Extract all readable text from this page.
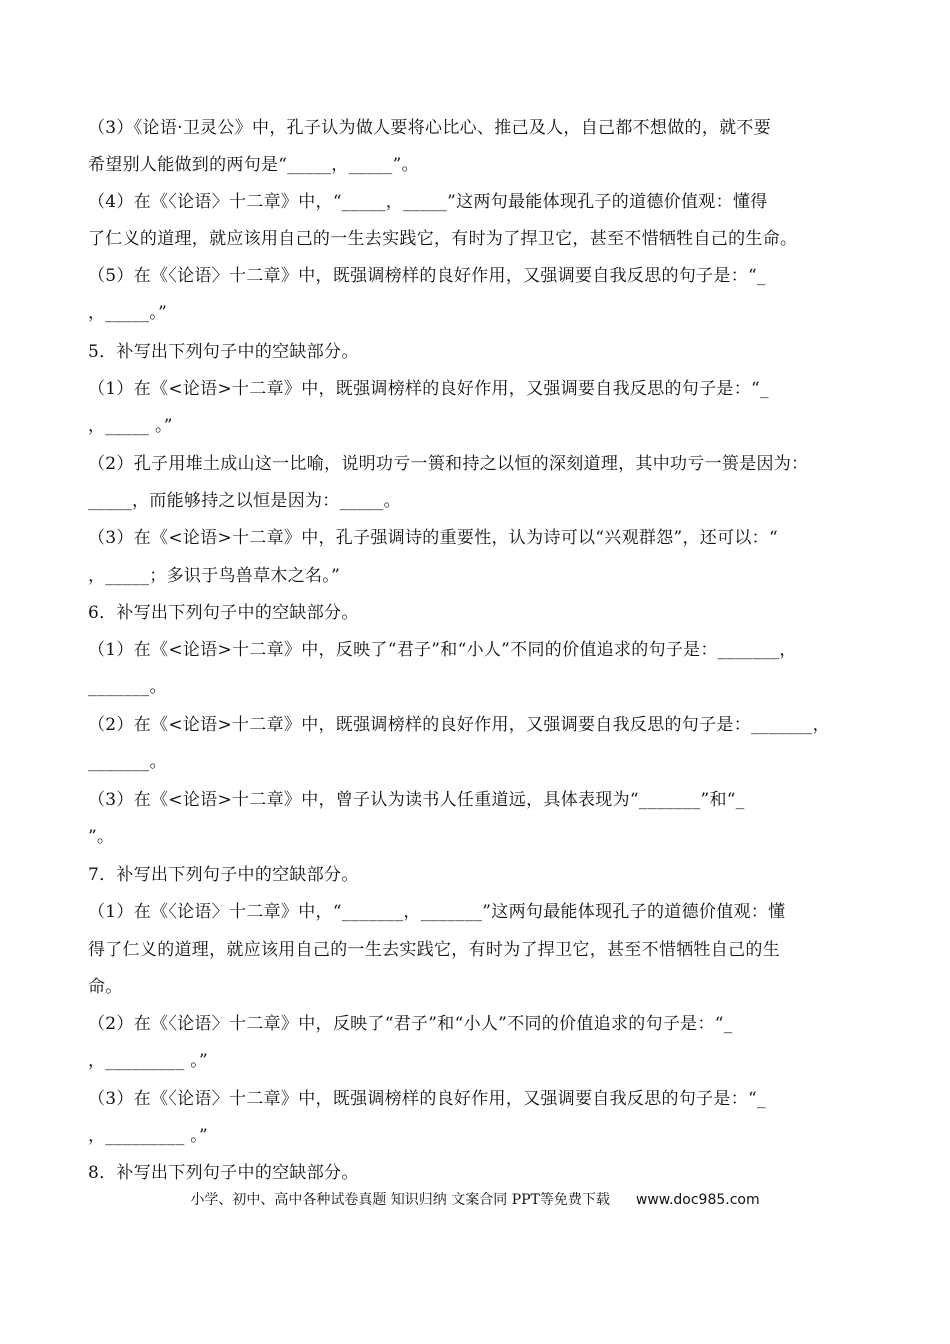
（3）《论语·卫灵公》中，孔子认为做人要将心比心、推己及人，自己都不想做的，就不要
希望别人能做到的两句是“_____，_____”。
（4）在《〈论语〉十二章》中，“_____，_____”这两句最能体现孔子的道德价值观：懂得
了仁义的道理，就应该用自己的一生去实践它，有时为了捍卫它，甚至不惜牺牲自己的生命。
（5）在《〈论语〉十二章》中，既强调榜样的良好作用，又强调要自我反思的句子是：“_
，_____。”
5．补写出下列句子中的空缺部分。
（1）在《<论语>十二章》中，既强调榜样的良好作用，又强调要自我反思的句子是：“_
，_____ 。”
（2）孔子用堆土成山这一比喻，说明功亏一篑和持之以恒的深刻道理，其中功亏一篑是因为：
_____，而能够持之以恒是因为：_____。
（3）在《<论语>十二章》中，孔子强调诗的重要性，认为诗可以“兴观群怨”，还可以：“
，_____；多识于鸟兽草木之名。”
6．补写出下列句子中的空缺部分。
（1）在《<论语>十二章》中，反映了“君子”和“小人”不同的价值追求的句子是：_______，
_______。
（2）在《<论语>十二章》中，既强调榜样的良好作用，又强调要自我反思的句子是：_______，
_______。
（3）在《<论语>十二章》中，曾子认为读书人任重道远，具体表现为“_______”和“_
”。
7．补写出下列句子中的空缺部分。
（1）在《〈论语〉十二章》中，“_______，_______”这两句最能体现孔子的道德价值观：懂
得了仁义的道理，就应该用自己的一生去实践它，有时为了捍卫它，甚至不惜牺牲自己的生
命。
（2）在《〈论语〉十二章》中，反映了“君子”和“小人”不同的价值追求的句子是：“_
，_________ 。”
（3）在《〈论语〉十二章》中，既强调榜样的良好作用，又强调要自我反思的句子是：“_
，_________ 。”
8．补写出下列句子中的空缺部分。
小学、初中、高中各种试卷真题 知识归纳 文案合同 PPT等免费下载 www.doc985.com
